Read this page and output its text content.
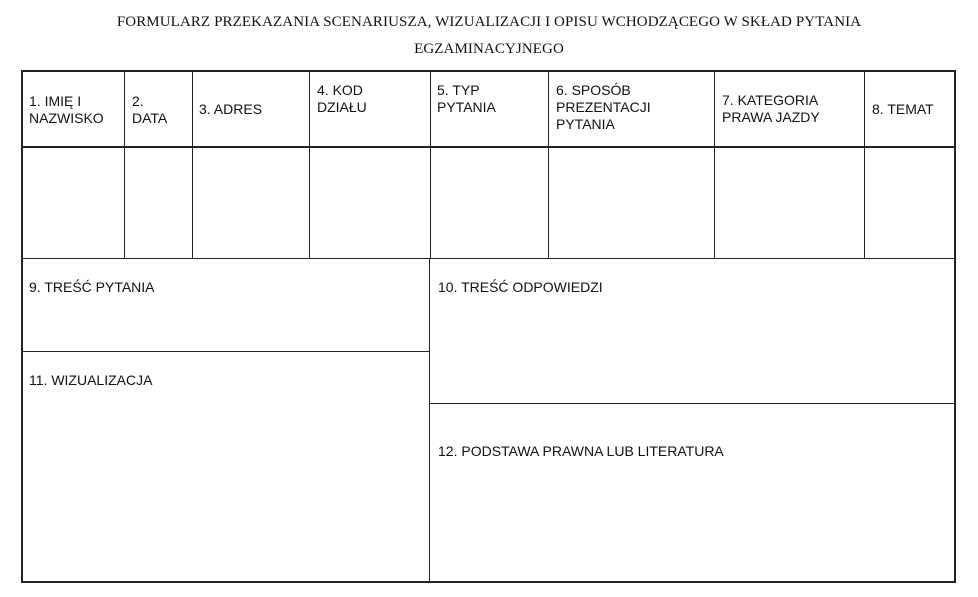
FORMULARZ PRZEKAZANIA SCENARIUSZA, WIZUALIZACJI I OPISU WCHODZĄCEGO W SKŁAD PYTANIA
EGZAMINACYJNEGO
1. IMIĘ I
NAZWISKO
2.
DATA
3. ADRES
4. KOD
DZIAŁU
5. TYP
PYTANIA
6. SPOSÓB
PREZENTACJI
PYTANIA
7. KATEGORIA
PRAWA JAZDY	8. TEMAT
9. TREŚĆ PYTANIA	10. TREŚĆ ODPOWIEDZI
11. WIZUALIZACJA
12. PODSTAWA PRAWNA LUB LITERATURA
